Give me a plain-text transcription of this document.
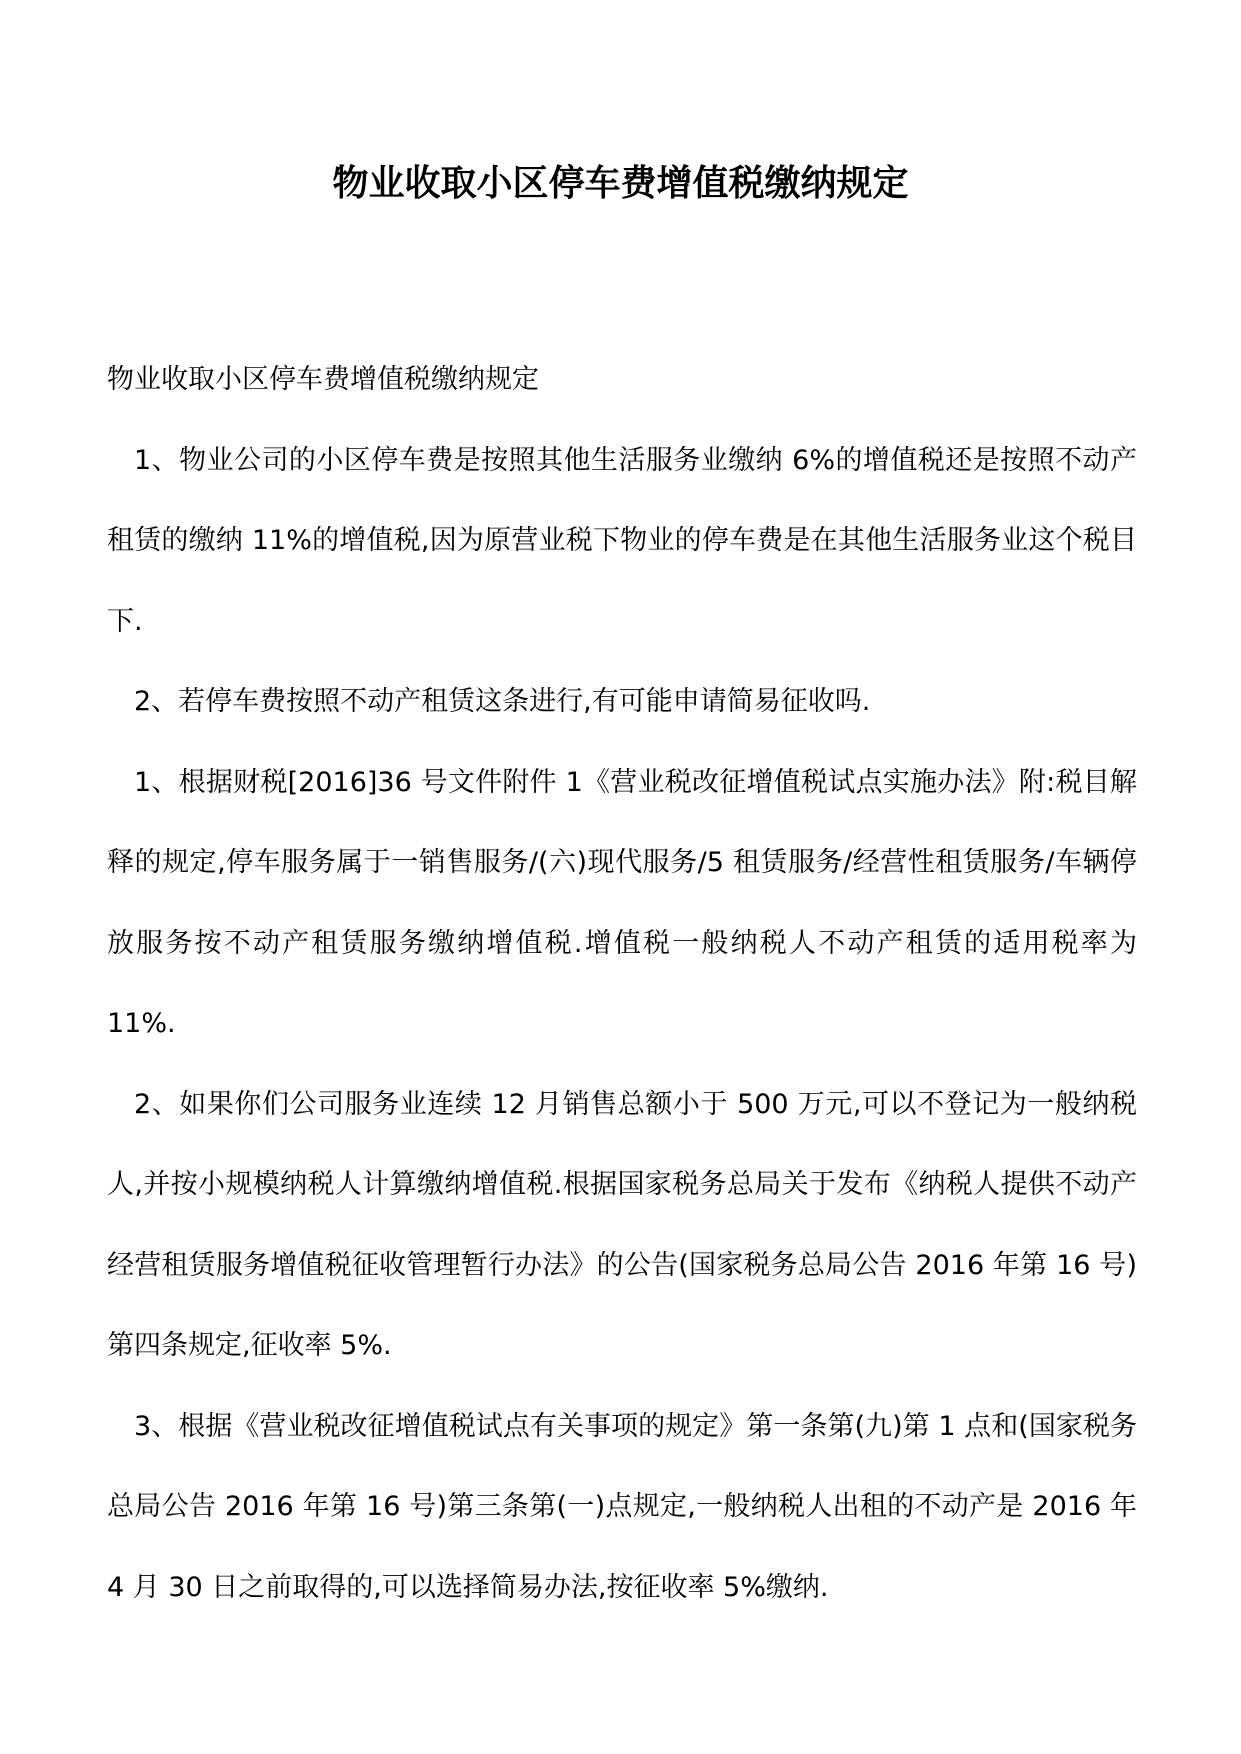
物业收取小区停车费增值税缴纳规定

物业收取小区停车费增值税缴纳规定

1、物业公司的小区停车费是按照其他生活服务业缴纳 6%的增值税还是按照不动产租赁的缴纳 11%的增值税,因为原营业税下物业的停车费是在其他生活服务业这个税目下.

2、若停车费按照不动产租赁这条进行,有可能申请简易征收吗.

1、根据财税[2016]36 号文件附件 1《营业税改征增值税试点实施办法》附:税目解释的规定,停车服务属于一销售服务/(六)现代服务/5 租赁服务/经营性租赁服务/车辆停放服务按不动产租赁服务缴纳增值税.增值税一般纳税人不动产租赁的适用税率为 11%.

2、如果你们公司服务业连续 12 月销售总额小于 500 万元,可以不登记为一般纳税人,并按小规模纳税人计算缴纳增值税.根据国家税务总局关于发布《纳税人提供不动产经营租赁服务增值税征收管理暂行办法》的公告(国家税务总局公告 2016 年第 16 号)第四条规定,征收率 5%.

3、根据《营业税改征增值税试点有关事项的规定》第一条第(九)第 1 点和(国家税务总局公告 2016 年第 16 号)第三条第(一)点规定,一般纳税人出租的不动产是 2016 年 4 月 30 日之前取得的,可以选择简易办法,按征收率 5%缴纳.
